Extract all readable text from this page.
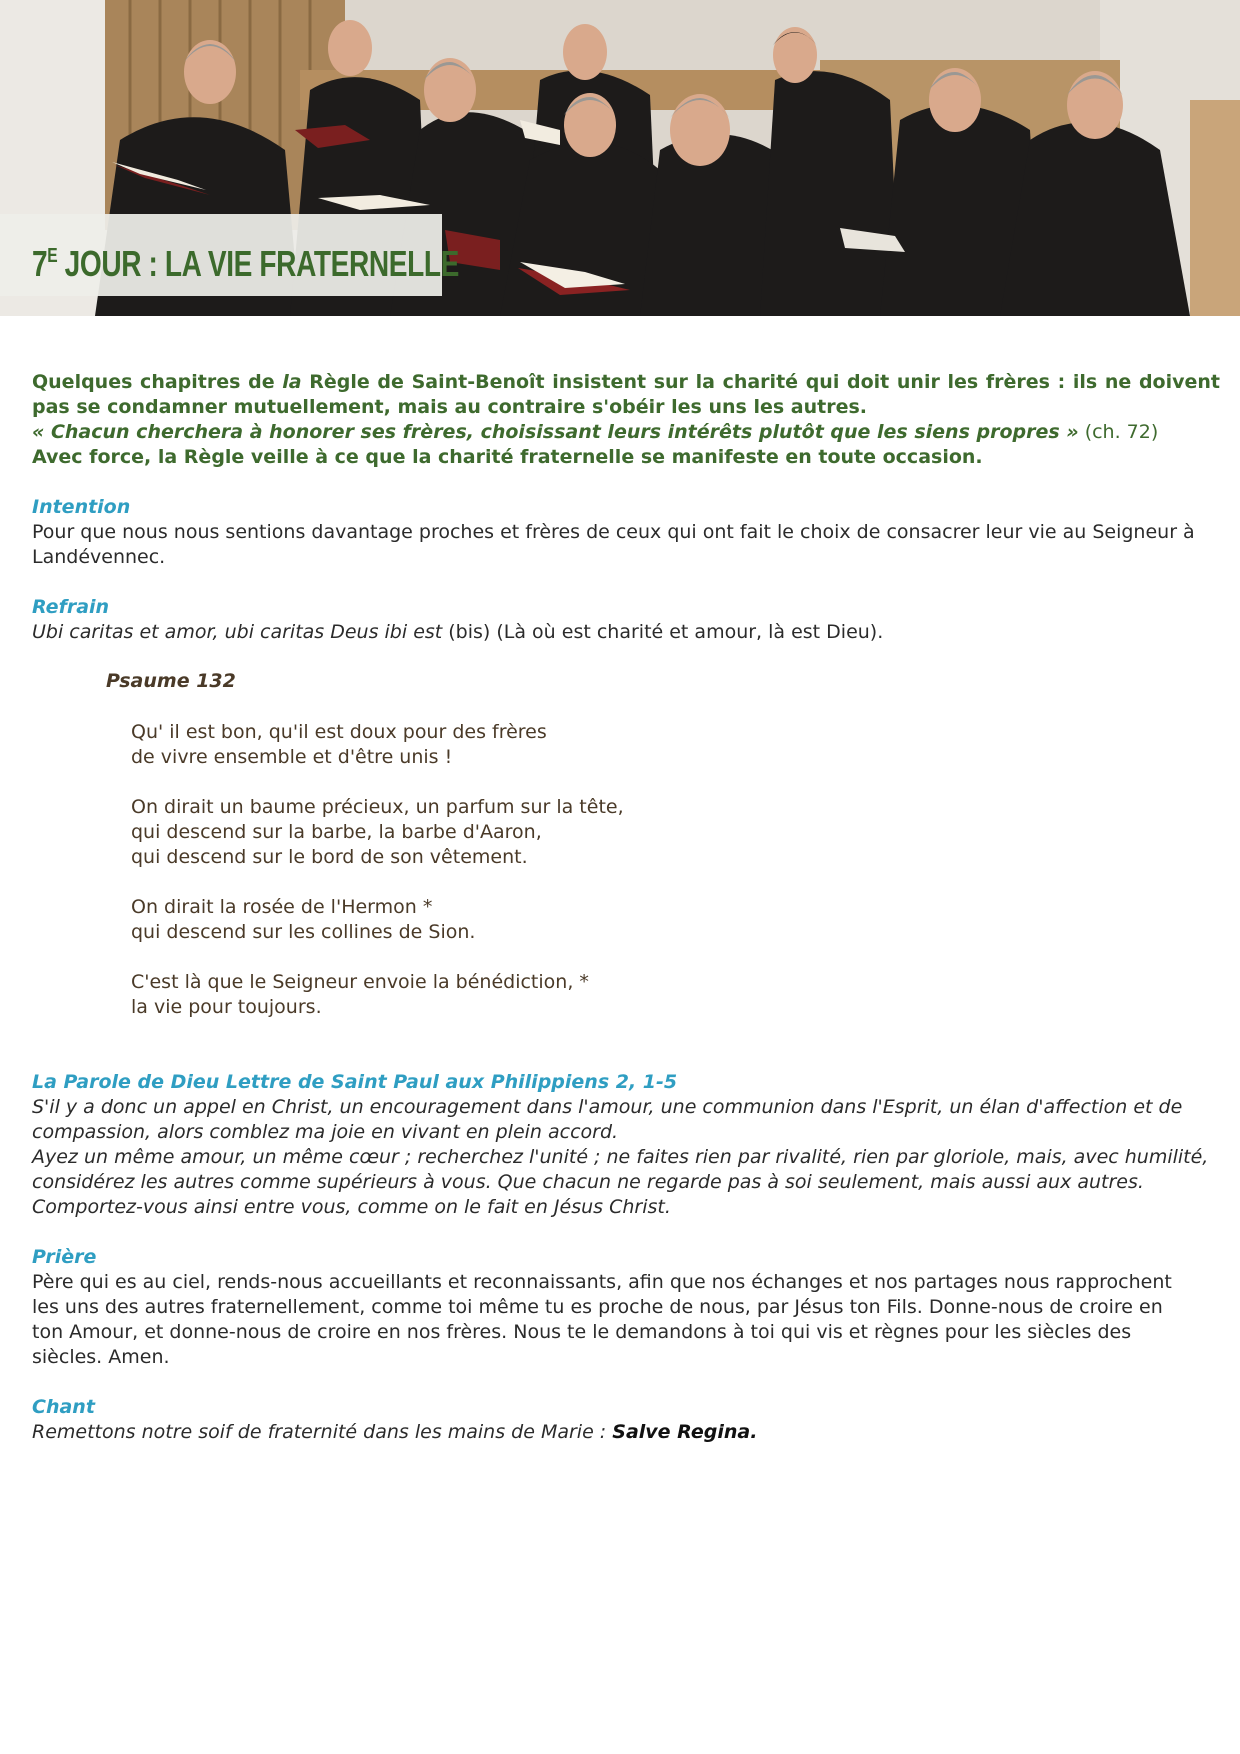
$7^E$ JOUR : LA VIE FRATERNELLE
Quelques chapitres de la Règle de Saint-Benoît insistent sur la charité qui doit unir les frères : ils ne doivent pas se condamner mutuellement, mais au contraire s'obéir les uns les autres.
« Chacun cherchera à honorer ses frères, choisissant leurs intérêts plutôt que les siens propres » (ch. 72)
Avec force, la Règle veille à ce que la charité fraternelle se manifeste en toute occasion.
Intention
Pour que nous nous sentions davantage proches et frères de ceux qui ont fait le choix de consacrer leur vie au Seigneur à Landévennec.
Refrain
Ubi caritas et amor, ubi caritas Deus ibi est (bis) (Là où est charité et amour, là est Dieu).
Psaume 132
Qu' il est bon, qu'il est doux pour des frères
de vivre ensemble et d'être unis !
On dirait un baume précieux, un parfum sur la tête,
qui descend sur la barbe, la barbe d'Aaron,
qui descend sur le bord de son vêtement.
On dirait la rosée de l'Hermon *
qui descend sur les collines de Sion.
C'est là que le Seigneur envoie la bénédiction, *
la vie pour toujours.
La Parole de Dieu Lettre de Saint Paul aux Philippiens 2, 1-5
S'il y a donc un appel en Christ, un encouragement dans l'amour, une communion dans l'Esprit, un élan d'affection et de compassion, alors comblez ma joie en vivant en plein accord.
Ayez un même amour, un même cœur ; recherchez l'unité ; ne faites rien par rivalité, rien par gloriole, mais, avec humilité, considérez les autres comme supérieurs à vous. Que chacun ne regarde pas à soi seulement, mais aussi aux autres.
Comportez-vous ainsi entre vous, comme on le fait en Jésus Christ.
Prière
Père qui es au ciel, rends-nous accueillants et reconnaissants, afin que nos échanges et nos partages nous rapprochent les uns des autres fraternellement, comme toi même tu es proche de nous, par Jésus ton Fils. Donne-nous de croire en ton Amour, et donne-nous de croire en nos frères. Nous te le demandons à toi qui vis et règnes pour les siècles des siècles. Amen.
Chant
Remettons notre soif de fraternité dans les mains de Marie : Salve Regina.
